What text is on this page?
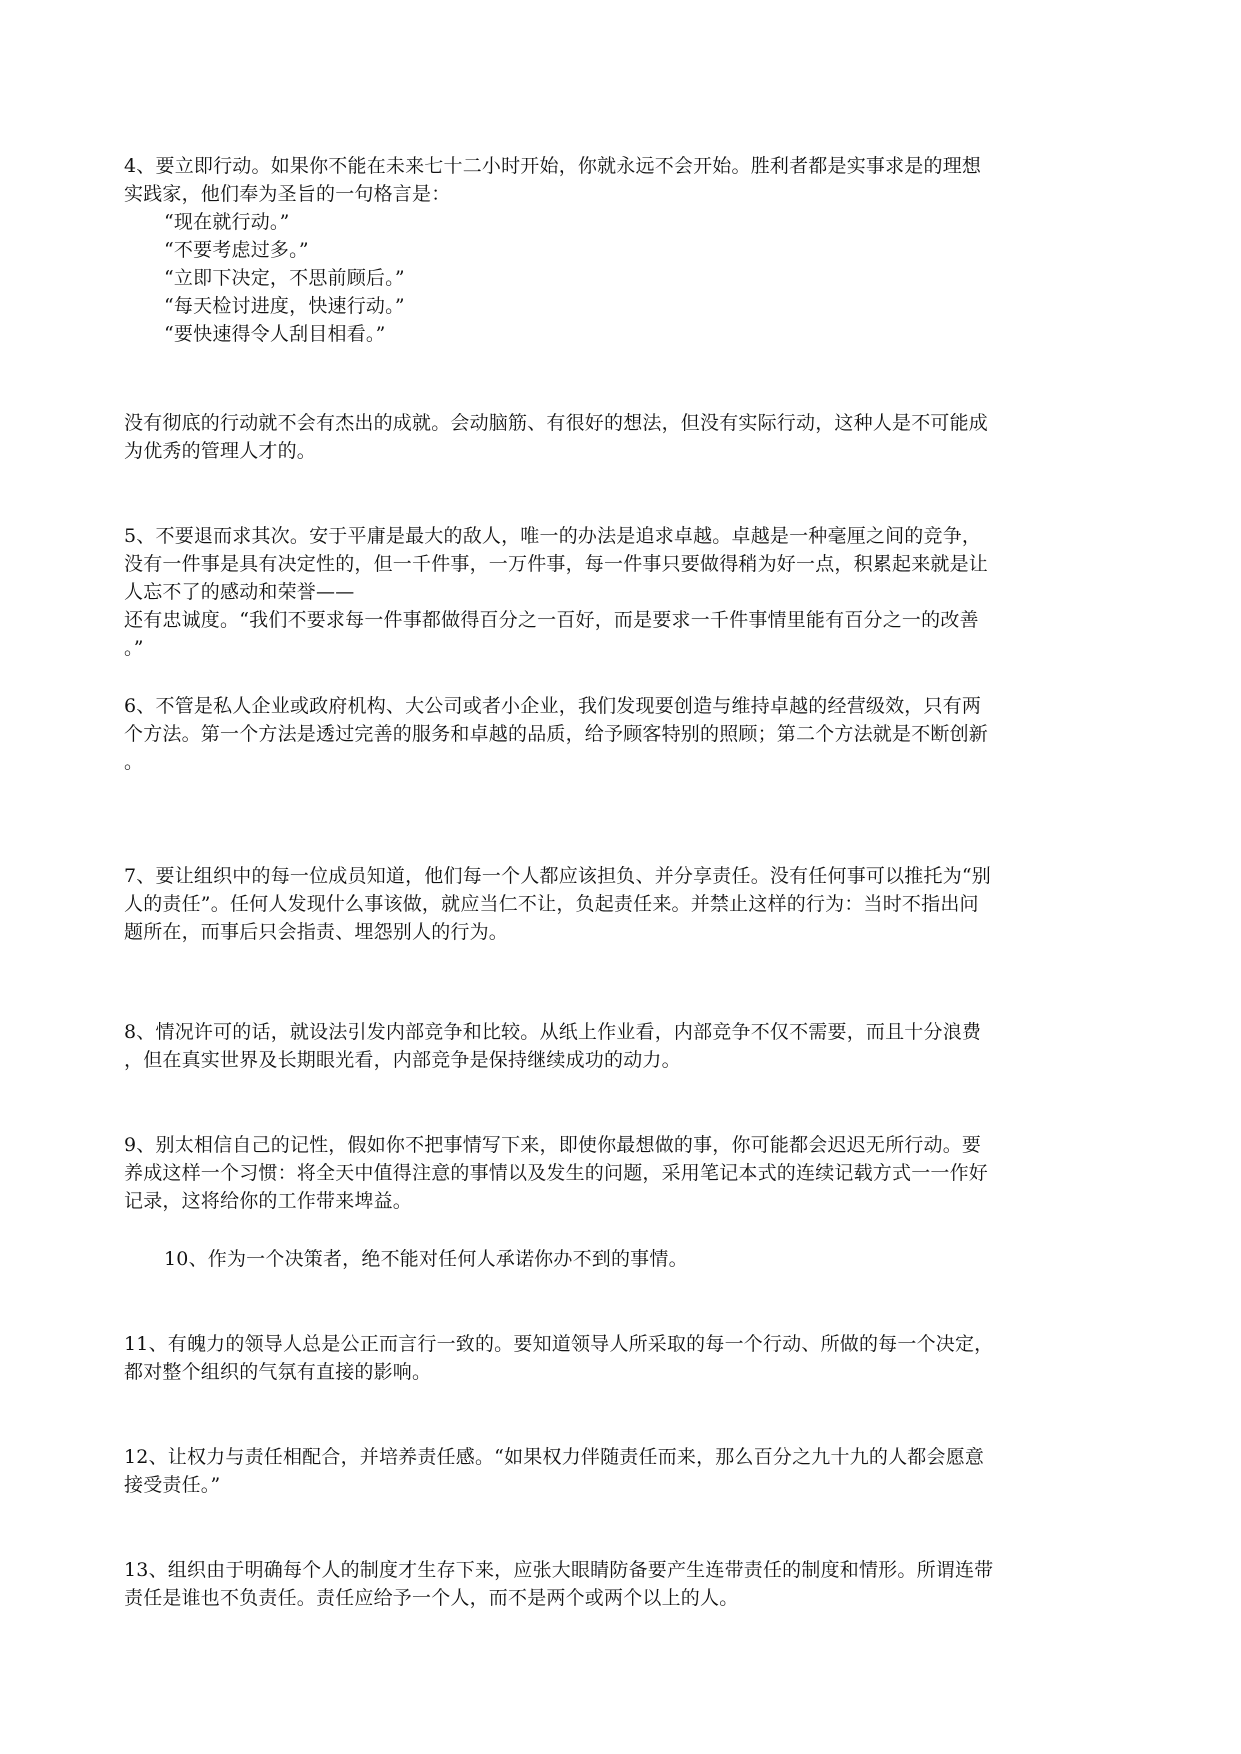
4、要立即行动。如果你不能在未来七十二小时开始，你就永远不会开始。胜利者都是实事求是的理想
实践家，他们奉为圣旨的一句格言是：
“现在就行动。”
“不要考虑过多。”
“立即下决定，不思前顾后。”
“每天检讨进度，快速行动。”
“要快速得令人刮目相看。”
没有彻底的行动就不会有杰出的成就。会动脑筋、有很好的想法，但没有实际行动，这种人是不可能成
为优秀的管理人才的。
5、不要退而求其次。安于平庸是最大的敌人，唯一的办法是追求卓越。卓越是一种毫厘之间的竞争，
没有一件事是具有决定性的，但一千件事，一万件事，每一件事只要做得稍为好一点，积累起来就是让
人忘不了的感动和荣誉——
还有忠诚度。“我们不要求每一件事都做得百分之一百好，而是要求一千件事情里能有百分之一的改善
。”
6、不管是私人企业或政府机构、大公司或者小企业，我们发现要创造与维持卓越的经营级效，只有两
个方法。第一个方法是透过完善的服务和卓越的品质，给予顾客特别的照顾；第二个方法就是不断创新
。
7、要让组织中的每一位成员知道，他们每一个人都应该担负、并分享责任。没有任何事可以推托为“别
人的责任”。任何人发现什么事该做，就应当仁不让，负起责任来。并禁止这样的行为：当时不指出问
题所在，而事后只会指责、埋怨别人的行为。
8、情况许可的话，就设法引发内部竞争和比较。从纸上作业看，内部竞争不仅不需要，而且十分浪费
，但在真实世界及长期眼光看，内部竞争是保持继续成功的动力。
9、别太相信自己的记性，假如你不把事情写下来，即使你最想做的事，你可能都会迟迟无所行动。要
养成这样一个习惯：将全天中值得注意的事情以及发生的问题，采用笔记本式的连续记载方式一一作好
记录，这将给你的工作带来埤益。
10、作为一个决策者，绝不能对任何人承诺你办不到的事情。
11、有魄力的领导人总是公正而言行一致的。要知道领导人所采取的每一个行动、所做的每一个决定，
都对整个组织的气氛有直接的影响。
12、让权力与责任相配合，并培养责任感。“如果权力伴随责任而来，那么百分之九十九的人都会愿意
接受责任。”
13、组织由于明确每个人的制度才生存下来，应张大眼睛防备要产生连带责任的制度和情形。所谓连带
责任是谁也不负责任。责任应给予一个人，而不是两个或两个以上的人。
